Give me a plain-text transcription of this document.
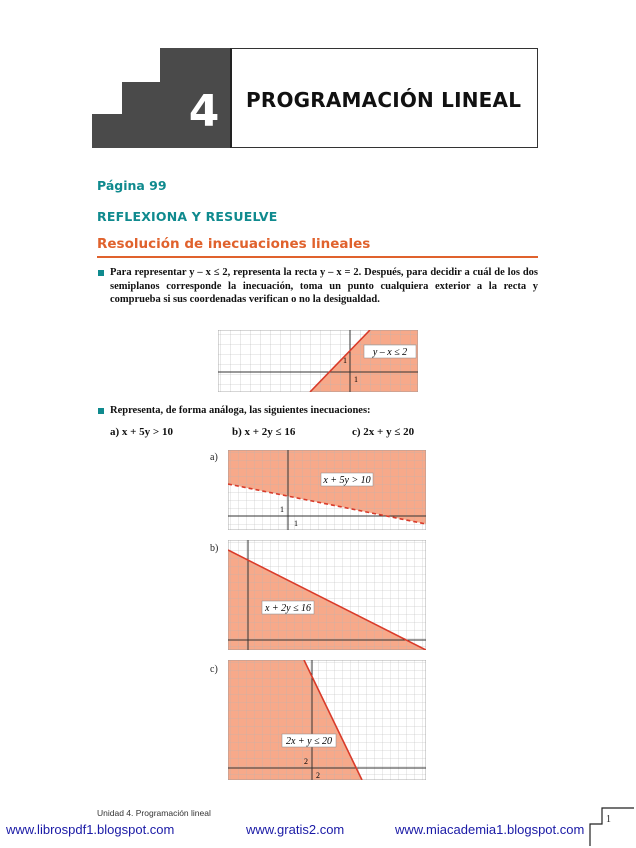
4	PROGRAMACIÓN LINEAL
Página 99
REFLEXIONA Y RESUELVE
Resolución de inecuaciones lineales
Para representar y – x ≤ 2, representa la recta y – x = 2. Después, para decidir a cuál de los dos semiplanos corresponde la inecuación, toma un punto cualquiera exterior a la recta y comprueba si sus coordenadas verifican o no la desigualdad.
y – x ≤ 2
1
1
Representa, de forma análoga, las siguientes inecuaciones:
a) x + 5y > 10	b) x + 2y ≤ 16	c) 2x + y ≤ 20
a)
x + 5y > 10
1
1
b)
x + 2y ≤ 16
c)
2x + y ≤ 20
2
2
Unidad 4. Programación lineal
1
www.librospdf1.blogspot.com	www.gratis2.com	www.miacademia1.blogspot.com
